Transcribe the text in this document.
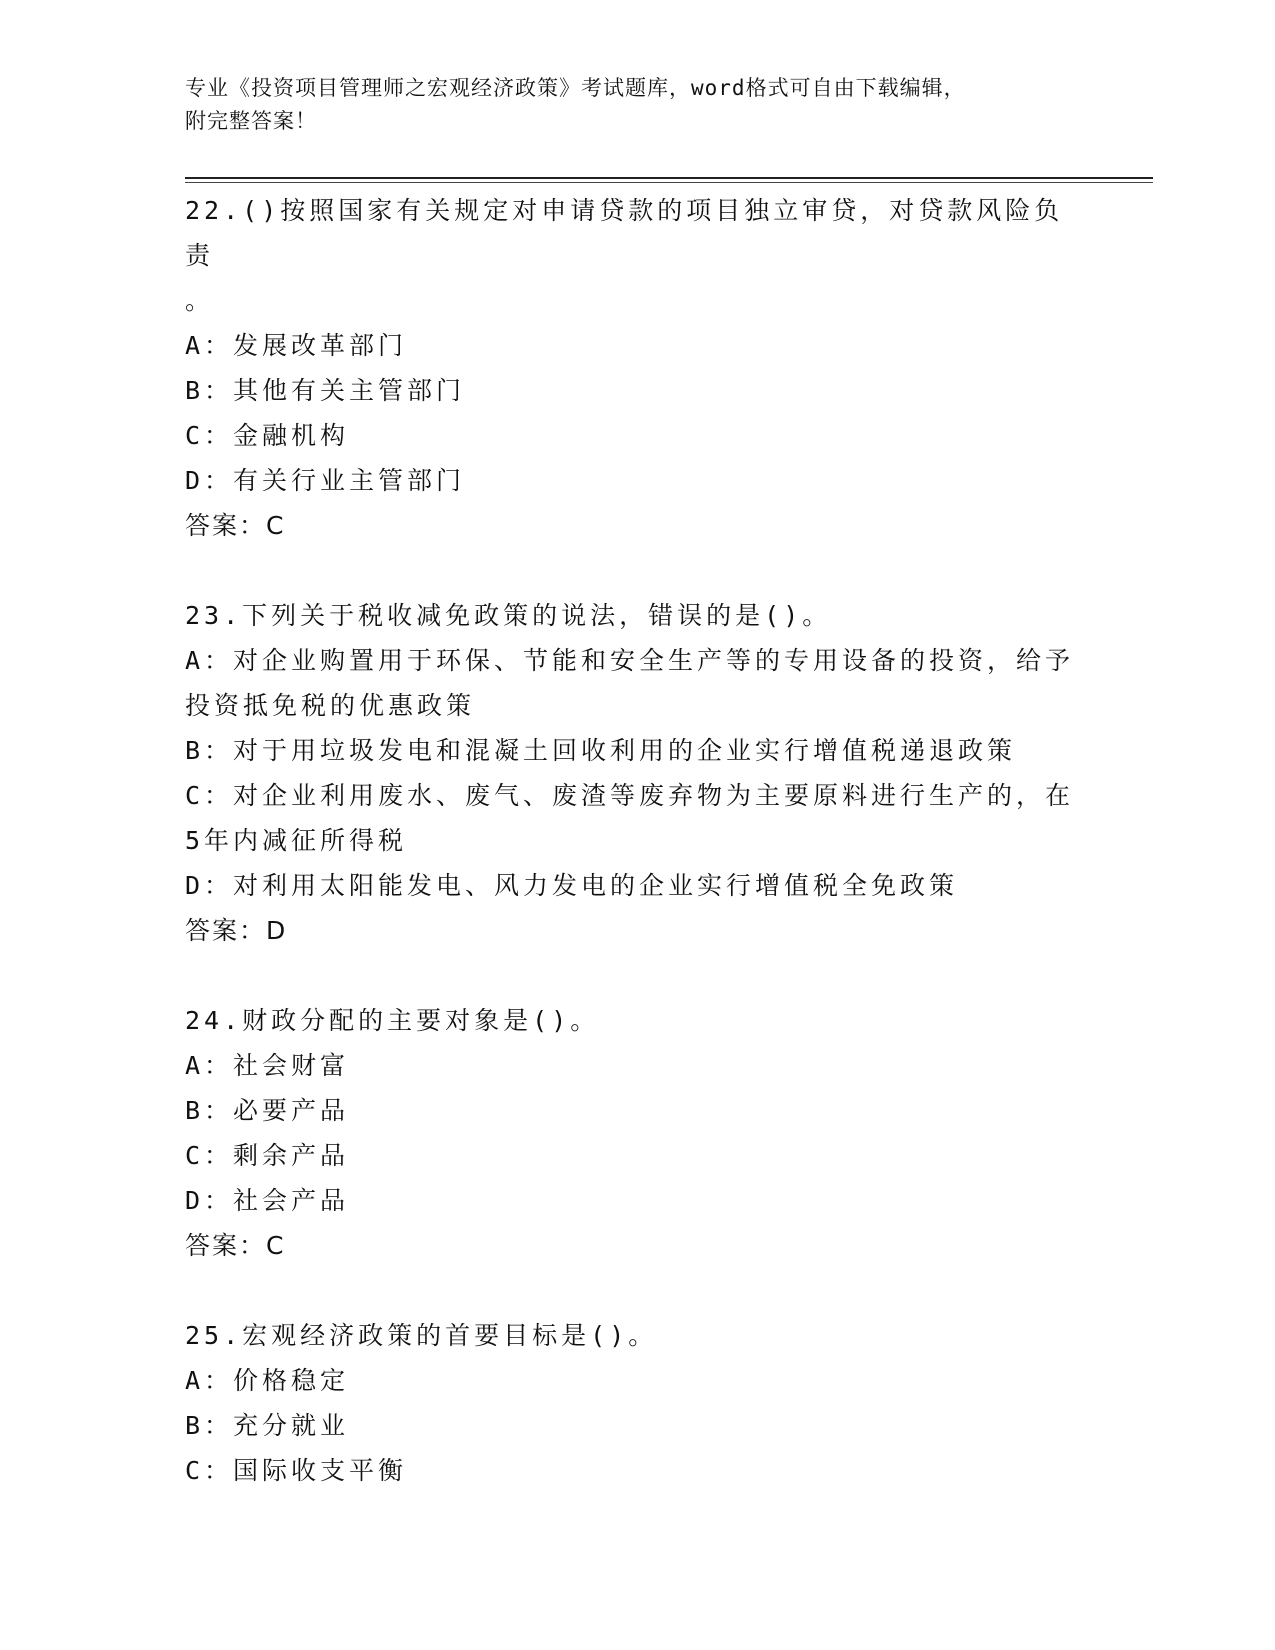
专业《投资项目管理师之宏观经济政策》考试题库，word格式可自由下载编辑，
附完整答案！
22.()按照国家有关规定对申请贷款的项目独立审贷，对贷款风险负责
。
A：发展改革部门
B：其他有关主管部门
C：金融机构
D：有关行业主管部门
答案：C
23.下列关于税收减免政策的说法，错误的是()。
A：对企业购置用于环保、节能和安全生产等的专用设备的投资，给予
投资抵免税的优惠政策
B：对于用垃圾发电和混凝土回收利用的企业实行增值税递退政策
C：对企业利用废水、废气、废渣等废弃物为主要原料进行生产的，在
5年内减征所得税
D：对利用太阳能发电、风力发电的企业实行增值税全免政策
答案：D
24.财政分配的主要对象是()。
A：社会财富
B：必要产品
C：剩余产品
D：社会产品
答案：C
25.宏观经济政策的首要目标是()。
A：价格稳定
B：充分就业
C：国际收支平衡
